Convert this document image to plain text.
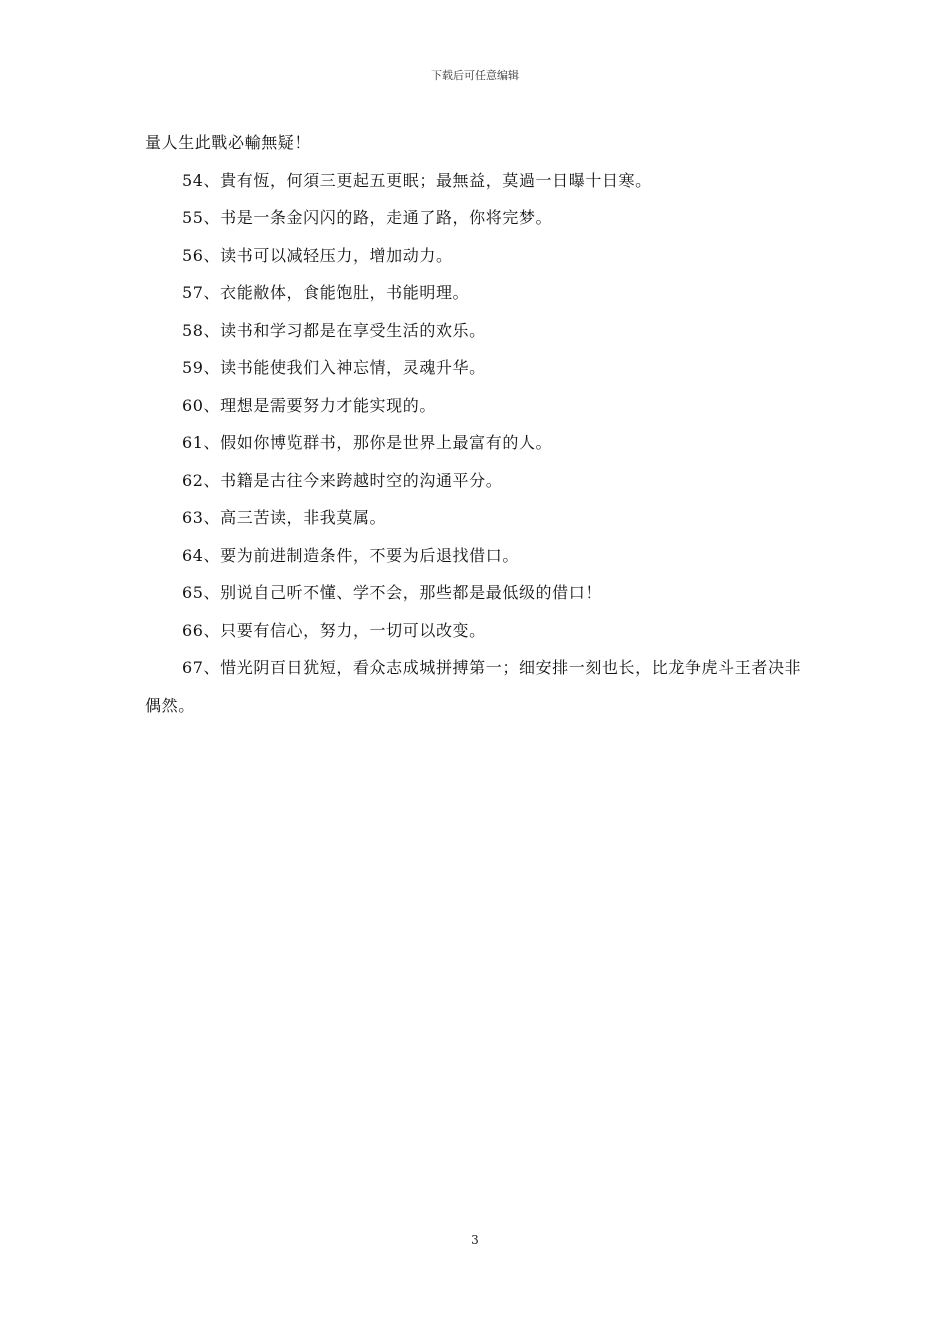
下载后可任意编辑

量人生此戰必輸無疑！

54、貴有恆，何須三更起五更眠；最無益，莫過一日曝十日寒。

55、书是一条金闪闪的路，走通了路，你将完梦。

56、读书可以减轻压力，增加动力。

57、衣能敝体，食能饱肚，书能明理。

58、读书和学习都是在享受生活的欢乐。

59、读书能使我们入神忘情，灵魂升华。

60、理想是需要努力才能实现的。

61、假如你博览群书，那你是世界上最富有的人。

62、书籍是古往今来跨越时空的沟通平分。

63、高三苦读，非我莫属。

64、要为前进制造条件，不要为后退找借口。

65、别说自己听不懂、学不会，那些都是最低级的借口！

66、只要有信心，努力，一切可以改变。

67、惜光阴百日犹短，看众志成城拼搏第一；细安排一刻也长，比龙争虎斗王者决非偶然。

3
